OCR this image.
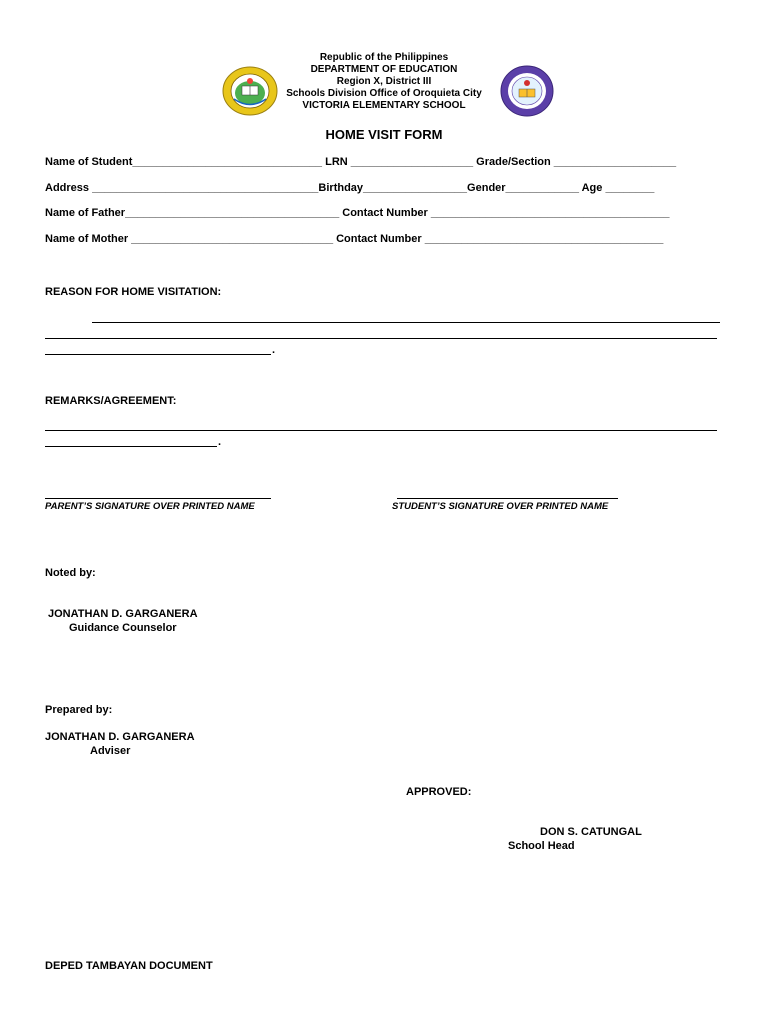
Republic of the Philippines
DEPARTMENT OF EDUCATION
Region X, District III
Schools Division Office of Oroquieta City
VICTORIA ELEMENTARY SCHOOL
HOME VISIT FORM
Name of Student_______________________________ LRN ____________________ Grade/Section ____________________
Address _____________________________________Birthday_________________Gender____________ Age ________
Name of Father___________________________________ Contact Number _______________________________________
Name of Mother _________________________________ Contact Number _______________________________________
REASON FOR HOME VISITATION:
.
REMARKS/AGREEMENT:
.
PARENT’S SIGNATURE OVER PRINTED NAME	STUDENT’S SIGNATURE OVER PRINTED NAME
Noted by:
JONATHAN D. GARGANERA
Guidance Counselor
Prepared by:
JONATHAN D. GARGANERA
Adviser
APPROVED:
DON S. CATUNGAL
School Head
DEPED TAMBAYAN DOCUMENT
